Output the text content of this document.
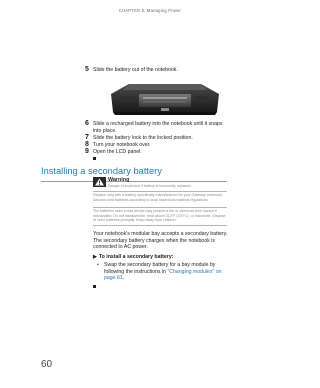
CHAPTER 6: Managing Power
5 Slide the battery out of the notebook.
6 Slide a recharged battery into the notebook until it snaps into place.
7 Slide the battery lock to the locked position.
8 Turn your notebook over.
9 Open the LCD panel.
Installing a secondary battery
Warning
Danger of explosion if battery is incorrectly replaced.
Replace only with a battery specifically manufactured for your Gateway notebook. Discard used batteries according to local hazardous material regulations.
The batteries used in this device may present a fire or chemical burn hazard if mishandled. Do not disassemble, heat above 212°F (100°C), or incinerate. Dispose of used batteries promptly. Keep away from children.
Your notebook's modular bay accepts a secondary battery. The secondary battery charges when the notebook is connected to AC power.
▶ To install a secondary battery:
• Swap the secondary battery for a bay module by following the instructions in "Changing modules" on page 61.
60
